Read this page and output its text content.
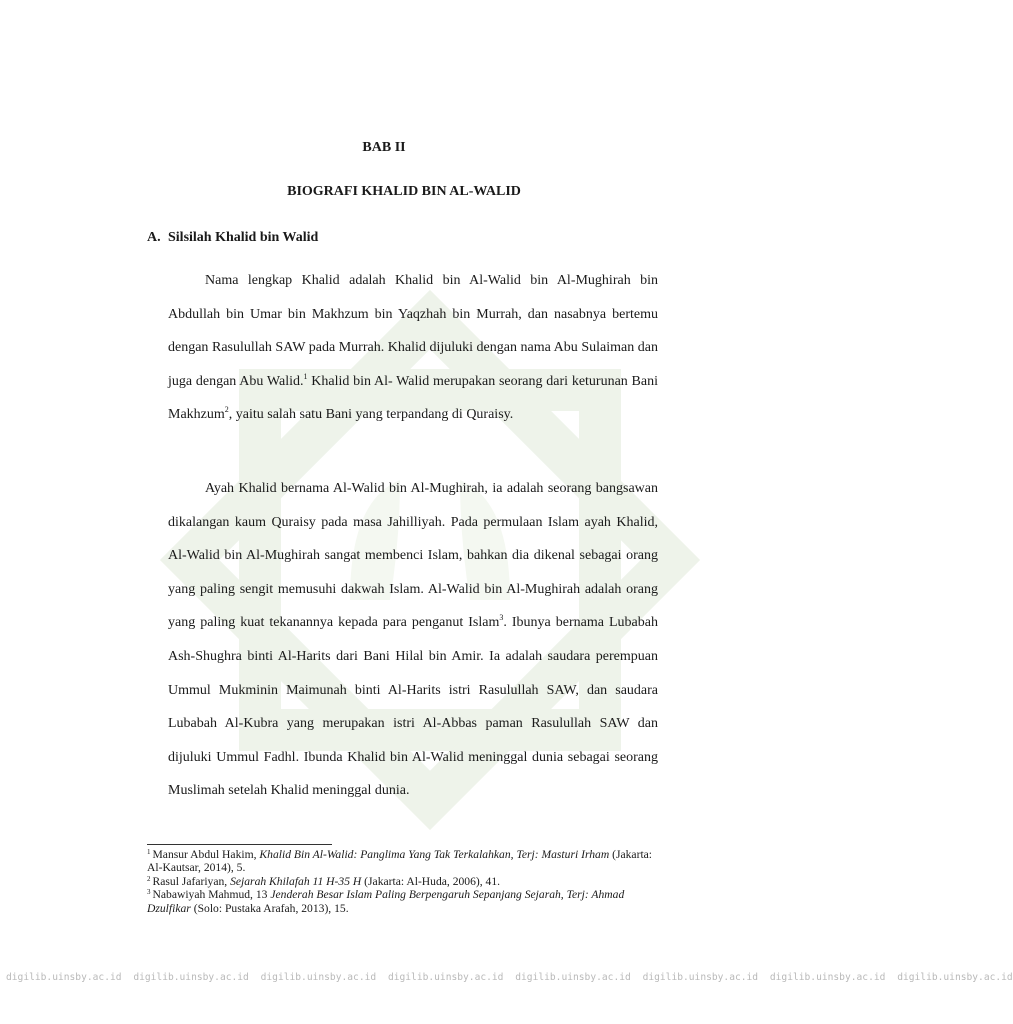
BAB II

BIOGRAFI KHALID BIN AL-WALID

A. Silsilah Khalid bin Walid

Nama lengkap Khalid adalah Khalid bin Al-Walid bin Al-Mughirah bin Abdullah bin Umar bin Makhzum bin Yaqzhah bin Murrah, dan nasabnya bertemu dengan Rasulullah SAW pada Murrah. Khalid dijuluki dengan nama Abu Sulaiman dan juga dengan Abu Walid.$^1$ Khalid bin Al- Walid merupakan seorang dari keturunan Bani Makhzum$^2$, yaitu salah satu Bani yang terpandang di Quraisy.

Ayah Khalid bernama Al-Walid bin Al-Mughirah, ia adalah seorang bangsawan dikalangan kaum Quraisy pada masa Jahilliyah. Pada permulaan Islam ayah Khalid, Al-Walid bin Al-Mughirah sangat membenci Islam, bahkan dia dikenal sebagai orang yang paling sengit memusuhi dakwah Islam. Al-Walid bin Al-Mughirah adalah orang yang paling kuat tekanannya kepada para penganut Islam$^3$. Ibunya bernama Lubabah Ash-Shughra binti Al-Harits dari Bani Hilal bin Amir. Ia adalah saudara perempuan Ummul Mukminin Maimunah binti Al-Harits istri Rasulullah SAW, dan saudara Lubabah Al-Kubra yang merupakan istri Al-Abbas paman Rasulullah SAW dan dijuluki Ummul Fadhl. Ibunda Khalid bin Al-Walid meninggal dunia sebagai seorang Muslimah setelah Khalid meninggal dunia.

$^1$ Mansur Abdul Hakim, Khalid Bin Al-Walid: Panglima Yang Tak Terkalahkan, Terj: Masturi Irham (Jakarta: Al-Kautsar, 2014), 5.

$^2$ Rasul Jafariyan, Sejarah Khilafah 11 H-35 H (Jakarta: Al-Huda, 2006), 41.

$^3$ Nabawiyah Mahmud, 13 Jenderah Besar Islam Paling Berpengaruh Sepanjang Sejarah, Terj: Ahmad Dzulfikar (Solo: Pustaka Arafah, 2013), 15.

digilib.uinsby.ac.id digilib.uinsby.ac.id digilib.uinsby.ac.id digilib.uinsby.ac.id digilib.uinsby.ac.id digilib.uinsby.ac.id digilib.uinsby.ac.id digilib.uinsby.ac.id
